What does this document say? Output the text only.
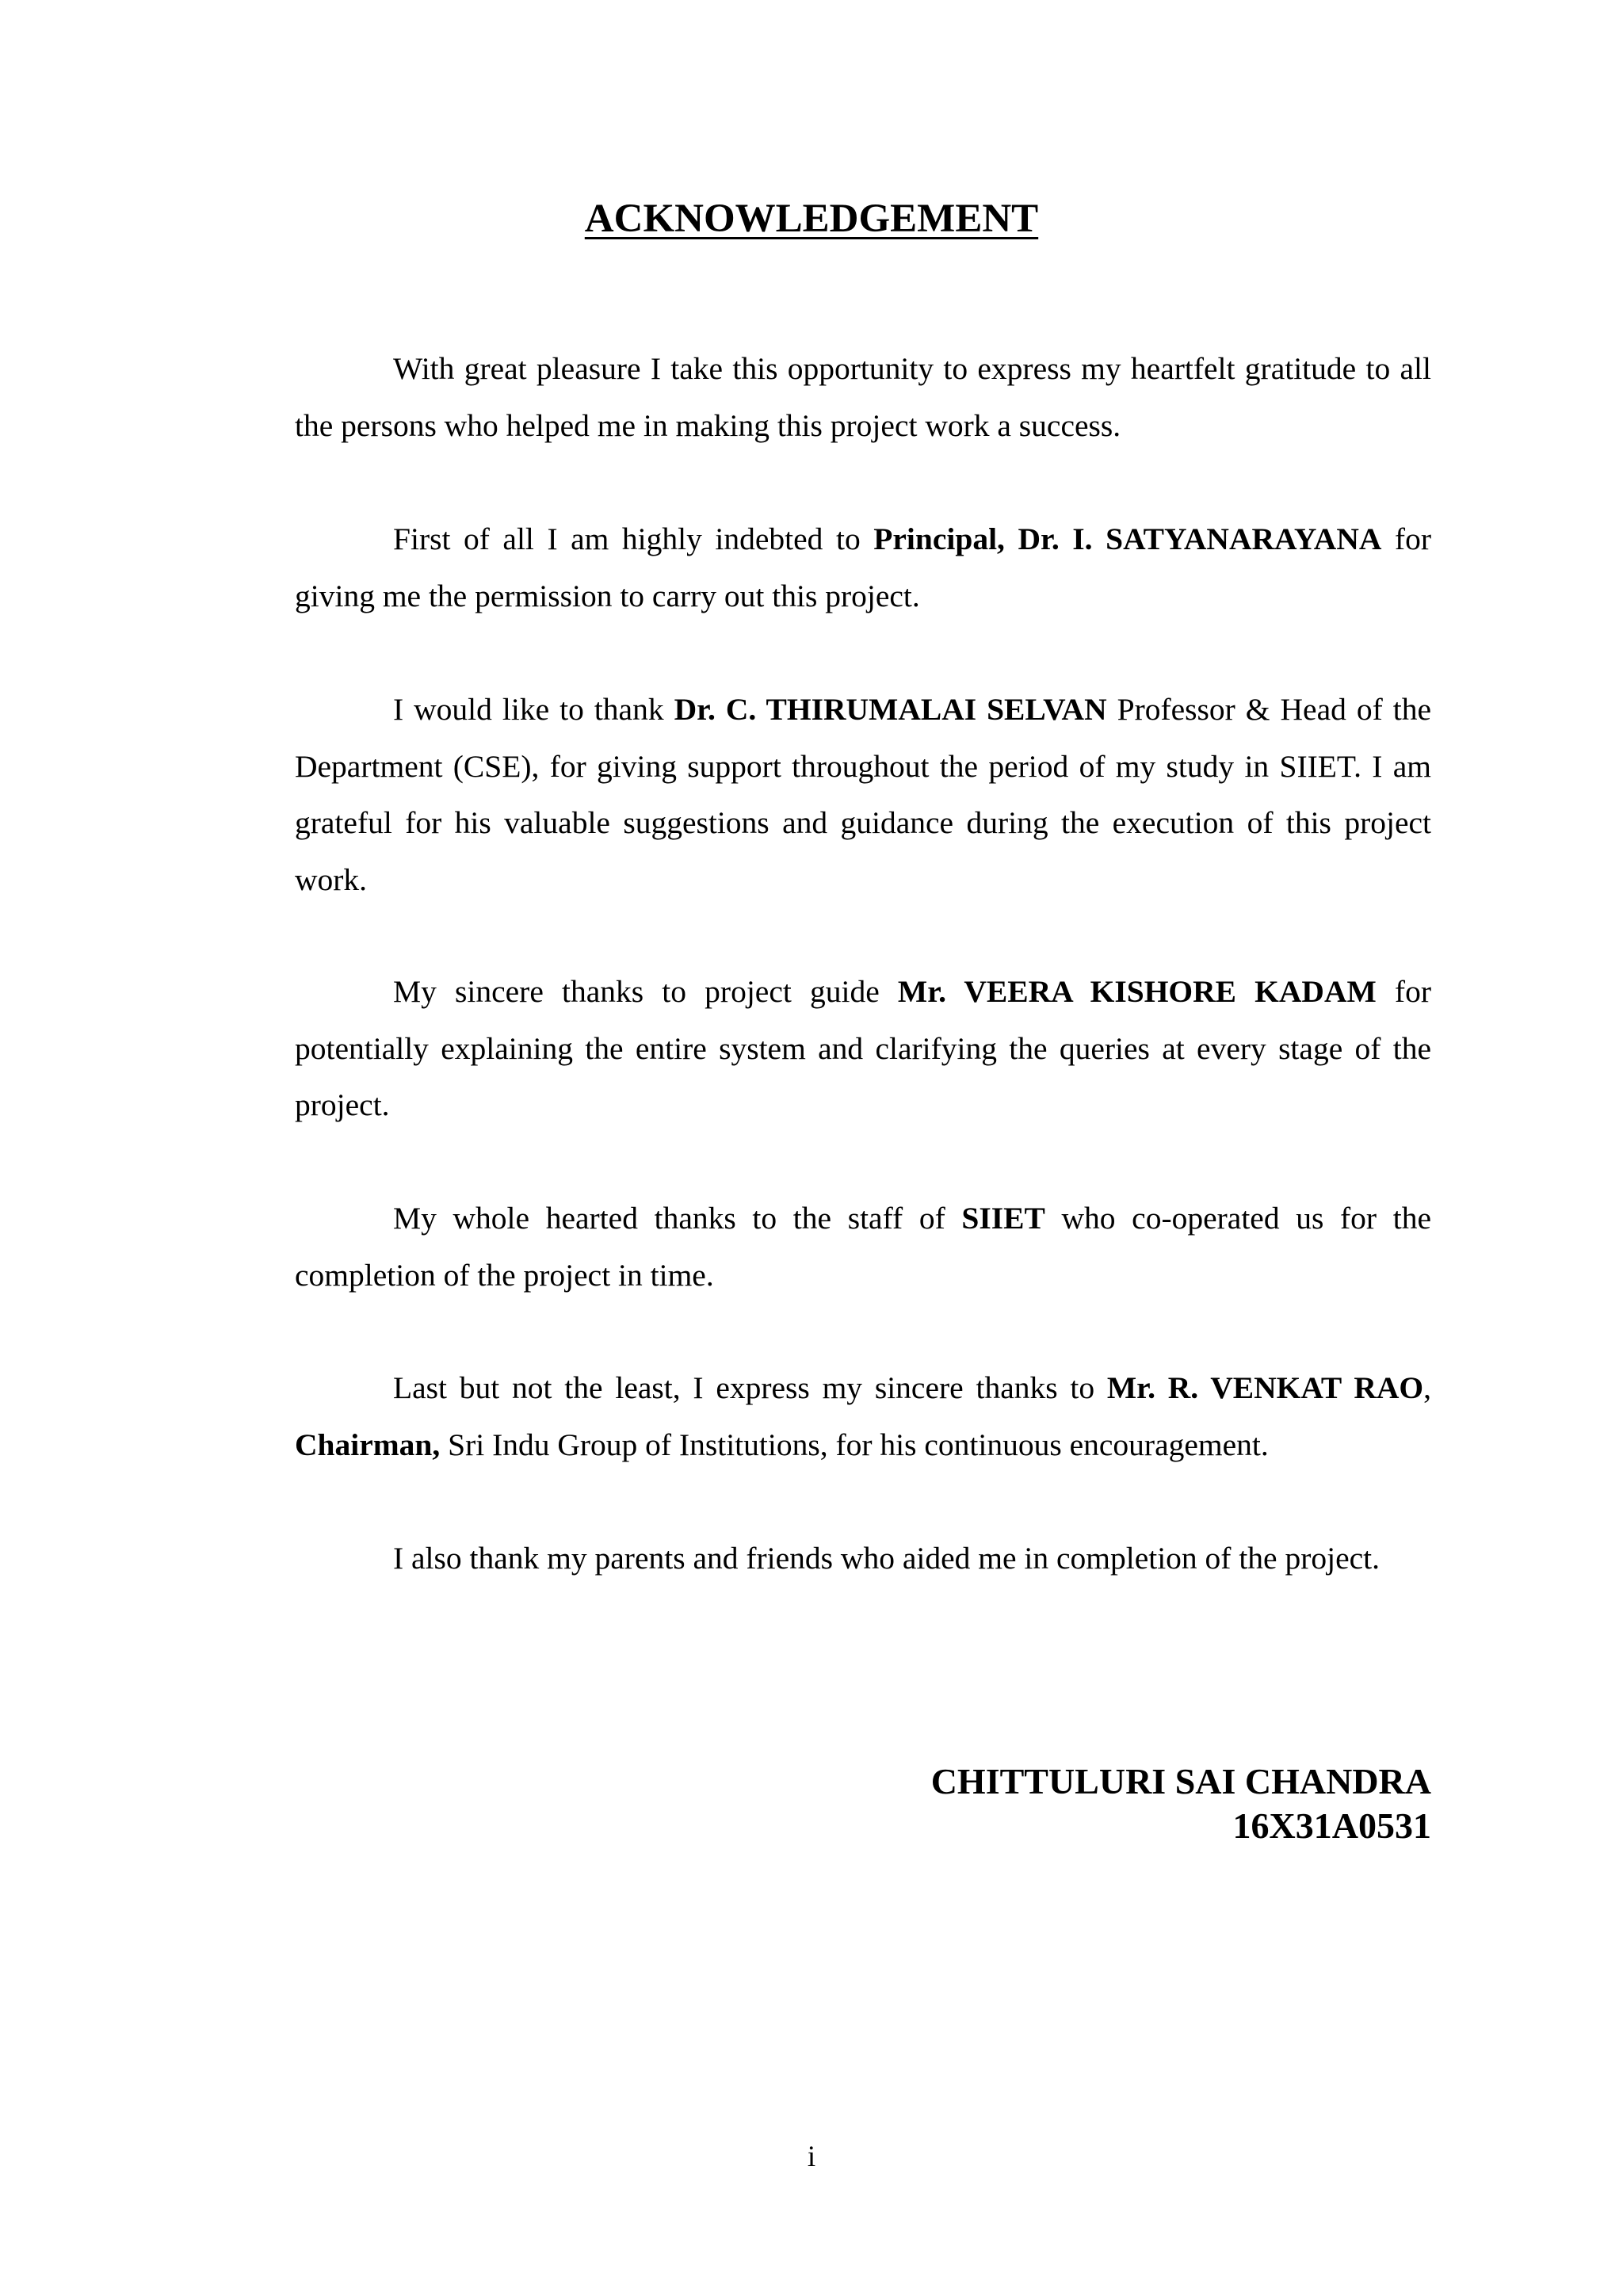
ACKNOWLEDGEMENT

With great pleasure I take this opportunity to express my heartfelt gratitude to all the persons who helped me in making this project work a success.

First of all I am highly indebted to Principal, Dr. I. SATYANARAYANA for giving me the permission to carry out this project.

I would like to thank Dr. C. THIRUMALAI SELVAN Professor & Head of the Department (CSE), for giving support throughout the period of my study in SIIET. I am grateful for his valuable suggestions and guidance during the execution of this project work.

My sincere thanks to project guide Mr. VEERA KISHORE KADAM for potentially explaining the entire system and clarifying the queries at every stage of the project.

My whole hearted thanks to the staff of SIIET who co-operated us for the completion of the project in time.

Last but not the least, I express my sincere thanks to Mr. R. VENKAT RAO, Chairman, Sri Indu Group of Institutions, for his continuous encouragement.

I also thank my parents and friends who aided me in completion of the project.

CHITTULURI SAI CHANDRA
16X31A0531
i
